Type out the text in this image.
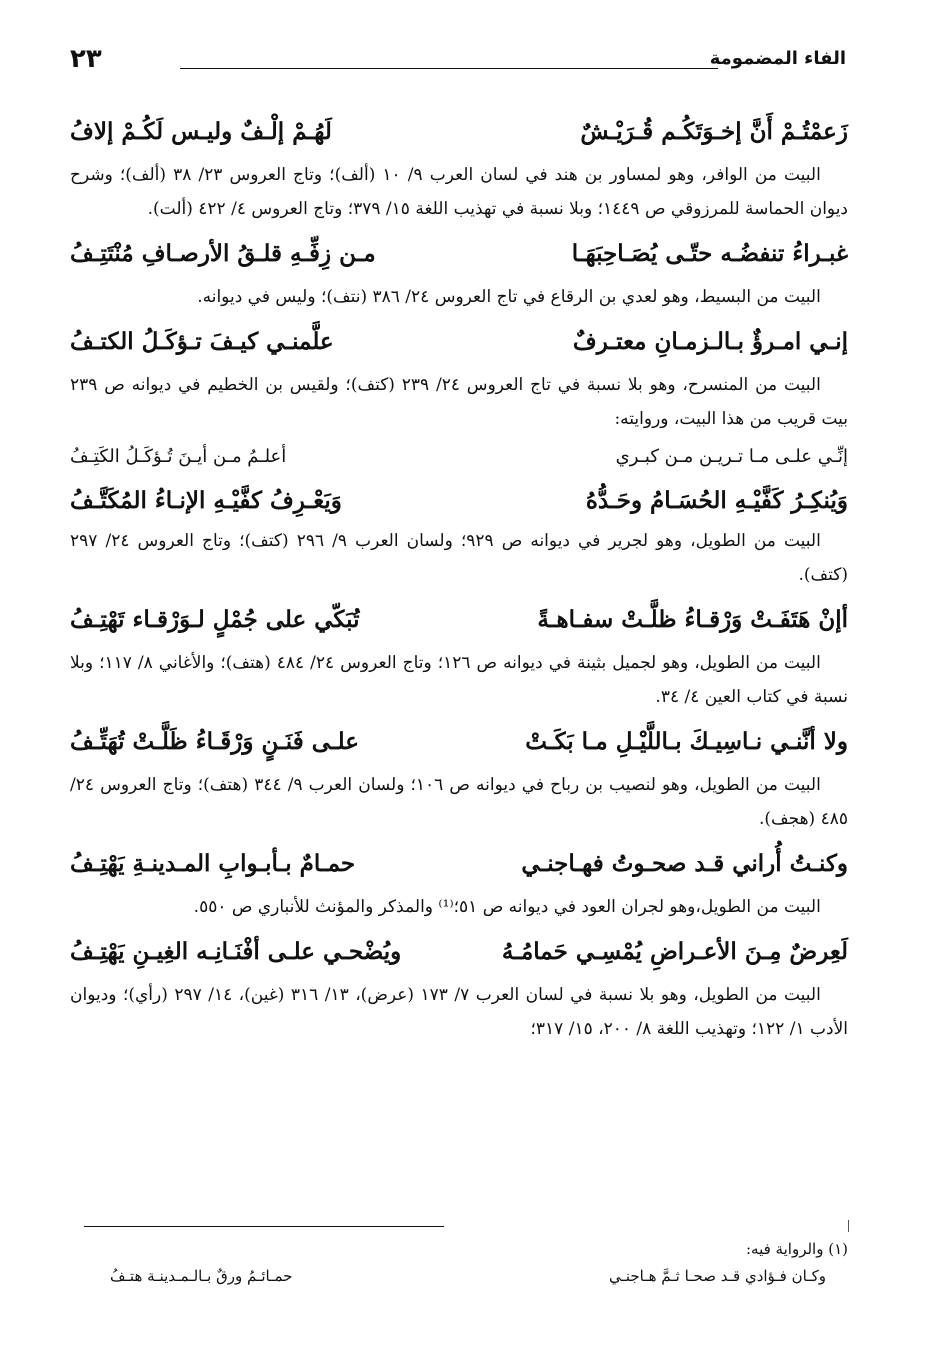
الفاء المضمومة
٢٣
زَعمْتُـمْ أَنَّ إخـوَتَكُـم قُـرَيْـشٌ
لَهُـمْ إلْـفٌ وليـس لَكُـمْ إلافُ

البيت من الوافر، وهو لمساور بن هند في لسان العرب ٩/ ١٠ (ألف)؛ وتاج العروس ٢٣/ ٣٨ (ألف)؛ وشرح ديوان الحماسة للمرزوقي ص ١٤٤٩؛ وبلا نسبة في تهذيب اللغة ١٥/ ٣٧٩؛ وتاج العروس ٤/ ٤٢٢ (ألت).

غبـراءُ تنفضُـه حتّـى يُصَـاحِبَهَـا
مـن زِفِّـهِ قلـقُ الأرصـافِ مُنْتَتِـفُ

البيت من البسيط، وهو لعدي بن الرقاع في تاج العروس ٢٤/ ٣٨٦ (نتف)؛ وليس في ديوانه.

إنـي امـرؤٌ بـالـزمـانِ معتـرفٌ
علَّمنـي كيـفَ تـؤكَـلُ الكتـفُ

البيت من المنسرح، وهو بلا نسبة في تاج العروس ٢٤/ ٢٣٩ (كتف)؛ ولقيس بن الخطيم في ديوانه ص ٢٣٩ بيت قريب من هذا البيت، وروايته:

إنِّـي علـى مـا تـريـن مـن كبـري
أعلـمُ مـن أيـنَ تُـؤكَـلُ الكَتِـفُ
وَيُنكِـرُ كَفَّيْـهِ الحُسَـامُ وحَـدُّهُ
وَيَعْـرِفُ كفَّيْـهِ الإنـاءُ المُكَتَّـفُ

البيت من الطويل، وهو لجرير في ديوانه ص ٩٢٩؛ ولسان العرب ٩/ ٢٩٦ (كتف)؛ وتاج العروس ٢٤/ ٢٩٧ (كتف).

أإنْ هَتَفَـتْ وَرْقـاءُ ظلَّـتْ سفـاهـةً
تُبَكّي على جُمْلٍ لـوَرْقـاء تَهْتِـفُ

البيت من الطويل، وهو لجميل بثينة في ديوانه ص ١٢٦؛ وتاج العروس ٢٤/ ٤٨٤ (هتف)؛ والأغاني ٨/ ١١٧؛ وبلا نسبة في كتاب العين ٤/ ٣٤.

ولا أنَّنـي نـاسِيـكَ بـاللَّيْـلِ مـا بَكَـتْ
علـى فَنَـنٍ وَرْقَـاءُ ظَلَّـتْ تُهَتِّـفُ

البيت من الطويل، وهو لنصيب بن رباح في ديوانه ص ١٠٦؛ ولسان العرب ٩/ ٣٤٤ (هتف)؛ وتاج العروس ٢٤/ ٤٨٥ (هجف).

وكنـتُ أُراني قـد صحـوتُ فهـاجنـي
حمـامٌ بـأبـوابِ المـدينـةِ يَهْتِـفُ

البيت من الطويل،وهو لجران العود في ديوانه ص ٥١؛⁽¹⁾ والمذكر والمؤنث للأنباري ص ٥٥٠.

لَعِرضٌ مِـنَ الأعـراضِ يُمْسِـي حَمامُـهُ
ويُضْحـي علـى أفْنَـانِـه الغِيـنِ يَهْتِـفُ

البيت من الطويل، وهو بلا نسبة في لسان العرب ٧/ ١٧٣ (عرض)، ١٣/ ٣١٦ (غين)، ١٤/ ٢٩٧ (رأي)؛ وديوان الأدب ١/ ١٢٢؛ وتهذيب اللغة ٨/ ٢٠٠، ١٥/ ٣١٧؛

(١) والرواية فيه:
وكـان فـؤادي قـد صحـا ثـمَّ هـاجنـي
حمـائـمُ ورقٌ بـالـمـدينـة هتـفُ
